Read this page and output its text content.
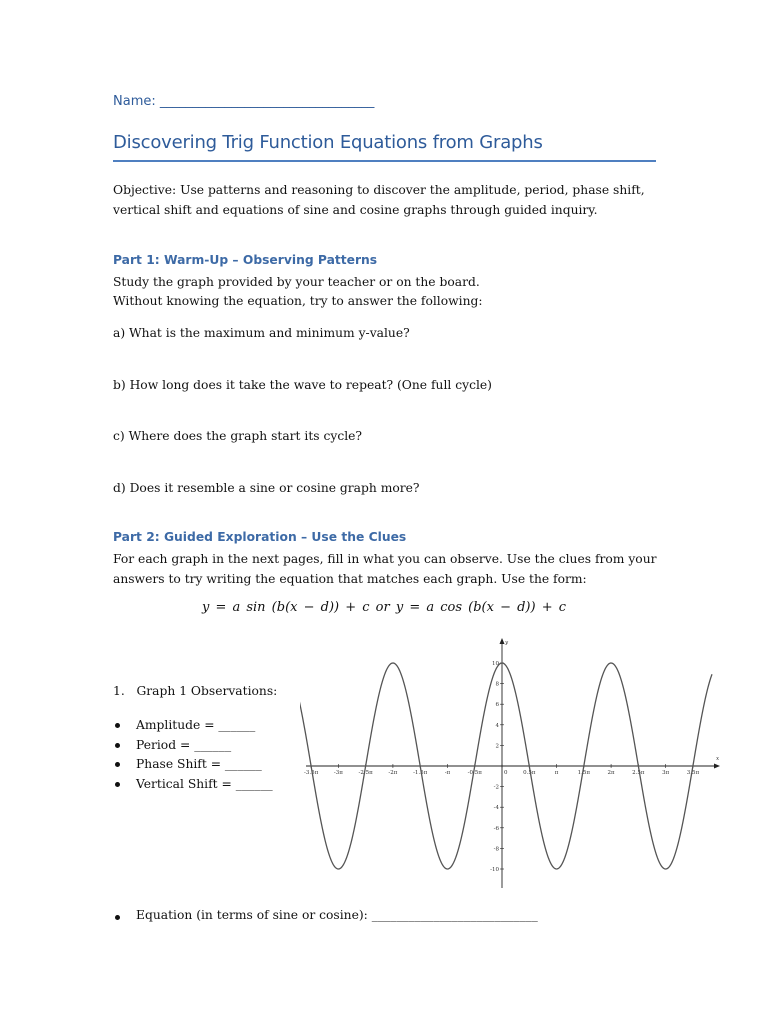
Name: _________________________________
Discovering Trig Function Equations from Graphs

Objective: Use patterns and reasoning to discover the amplitude, period, phase shift, vertical shift and equations of sine and cosine graphs through guided inquiry.

Part 1: Warm-Up – Observing Patterns

Study the graph provided by your teacher or on the board.

Without knowing the equation, try to answer the following:

a) What is the maximum and minimum y-value?

b) How long does it take the wave to repeat? (One full cycle)

c) Where does the graph start its cycle?

d) Does it resemble a sine or cosine graph more?

Part 2: Guided Exploration – Use the Clues

For each graph in the next pages, fill in what you can observe. Use the clues from your answers to try writing the equation that matches each graph. Use the form:

y = a sin (b(x − d)) + c or y = a cos (b(x − d)) + c
1.   Graph 1 Observations:
Amplitude = ______
Period = ______
Phase Shift = ______
Vertical Shift = ______
Equation (in terms of sine or cosine): ___________________________
x
y
-3.5π	-3π	-2.5π	-2π	-1.5π	-π	-0.5π	0	0.5π	π	1.5π	2π	2.5π	3π	3.5π
10
8
6
4
2
-2
-4
-6
-8
-10
